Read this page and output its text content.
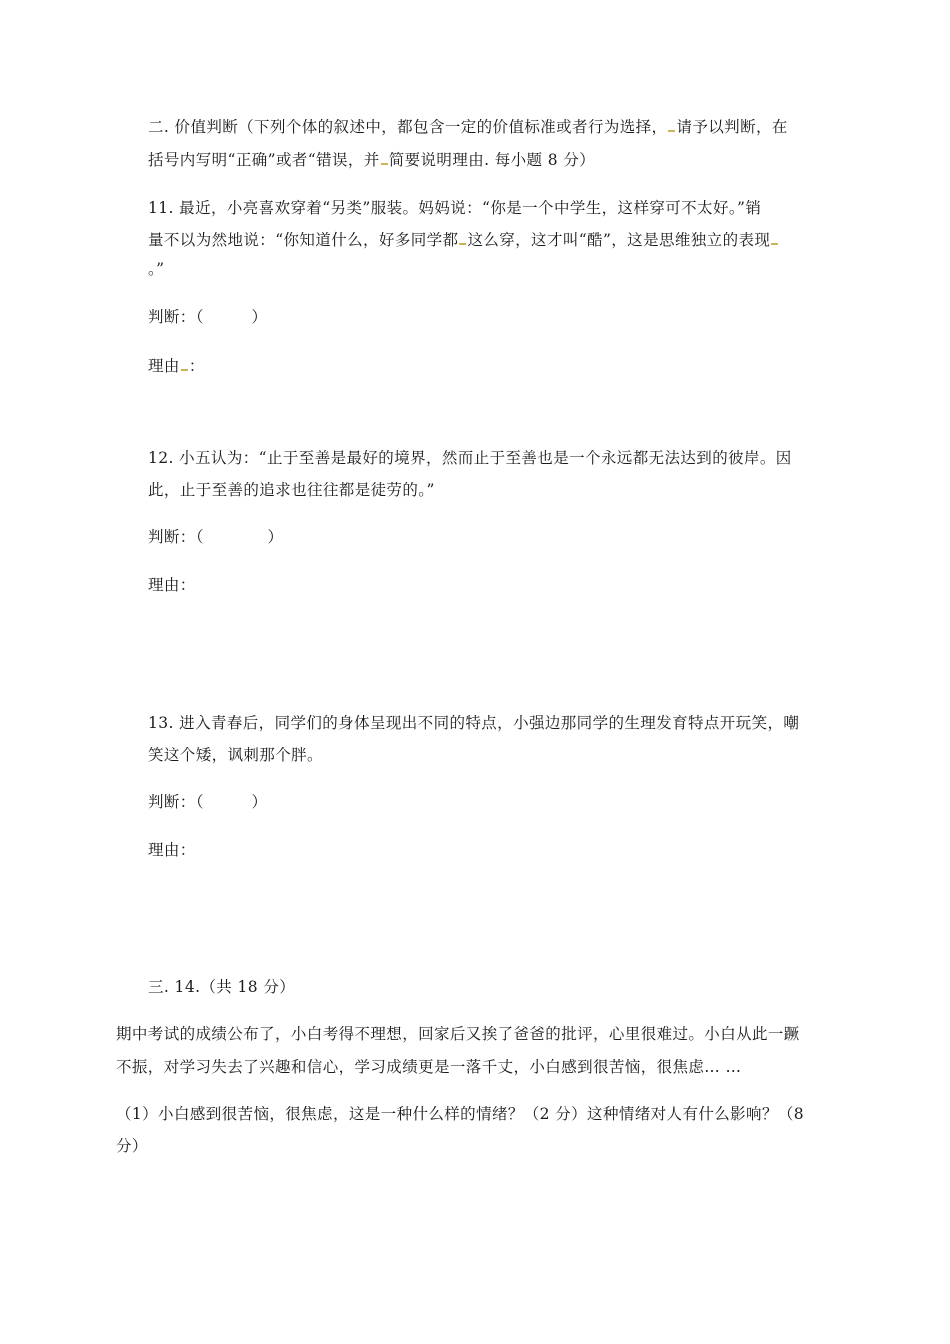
二. 价值判断（下列个体的叙述中，都包含一定的价值标准或者行为选择， 请予以判断，在
括号内写明“正确”或者“错误，并 简要说明理由. 每小题 8 分）
11. 最近，小亮喜欢穿着“另类”服装。妈妈说：“你是一个中学生，这样穿可不太好。”销
量不以为然地说：“你知道什么，好多同学都 这么穿，这才叫“酷”，这是思维独立的表现
。”
判断：（　　　）
理由 ：
12. 小五认为：“止于至善是最好的境界，然而止于至善也是一个永远都无法达到的彼岸。因
此，止于至善的追求也往往都是徒劳的。”
判断：（　　　　）
理由：
13. 进入青春后，同学们的身体呈现出不同的特点，小强边那同学的生理发育特点开玩笑，嘲
笑这个矮，讽刺那个胖。
判断：（　　　）
理由：
三. 14.（共 18 分）
期中考试的成绩公布了，小白考得不理想，回家后又挨了爸爸的批评，心里很难过。小白从此一蹶
不振，对学习失去了兴趣和信心，学习成绩更是一落千丈，小白感到很苦恼，很焦虑… …
（1）小白感到很苦恼，很焦虑，这是一种什么样的情绪？（2 分）这种情绪对人有什么影响？（8
分）
